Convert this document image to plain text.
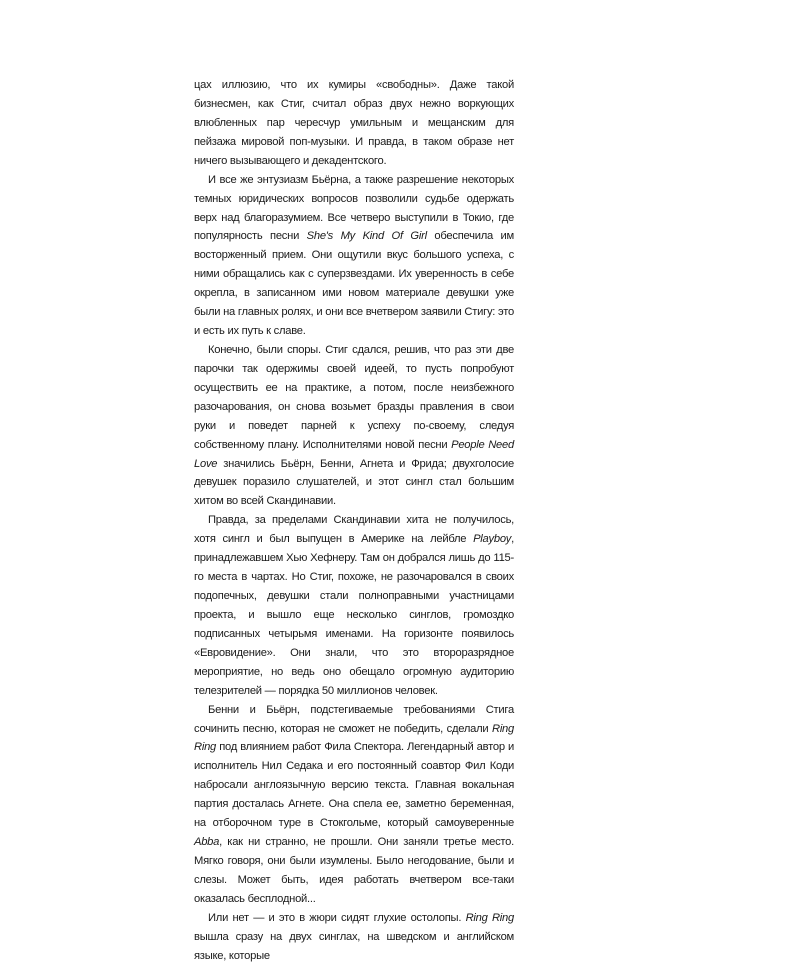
цах иллюзию, что их кумиры «свободны». Даже такой бизнесмен, как Стиг, считал образ двух нежно воркующих влюбленных пар чересчур умильным и мещанским для пейзажа мировой поп-музыки. И правда, в таком образе нет ничего вызывающего и декадентского.

И все же энтузиазм Бьёрна, а также разрешение некоторых темных юридических вопросов позволили судьбе одержать верх над благоразумием. Все четверо выступили в Токио, где популярность песни She's My Kind Of Girl обеспечила им восторженный прием. Они ощутили вкус большого успеха, с ними обращались как с суперзвездами. Их уверенность в себе окрепла, в записанном ими новом материале девушки уже были на главных ролях, и они все вчетвером заявили Стигу: это и есть их путь к славе.

Конечно, были споры. Стиг сдался, решив, что раз эти две парочки так одержимы своей идеей, то пусть попробуют осуществить ее на практике, а потом, после неизбежного разочарования, он снова возьмет бразды правления в свои руки и поведет парней к успеху по-своему, следуя собственному плану. Исполнителями новой песни People Need Love значились Бьёрн, Бенни, Агнета и Фрида; двухголосие девушек поразило слушателей, и этот сингл стал большим хитом во всей Скандинавии.

Правда, за пределами Скандинавии хита не получилось, хотя сингл и был выпущен в Америке на лейбле Playboy, принадлежавшем Хью Хефнеру. Там он добрался лишь до 115-го места в чартах. Но Стиг, похоже, не разочаровался в своих подопечных, девушки стали полноправными участницами проекта, и вышло еще несколько синглов, громоздко подписанных четырьмя именами. На горизонте появилось «Евровидение». Они знали, что это второразрядное мероприятие, но ведь оно обещало огромную аудиторию телезрителей — порядка 50 миллионов человек.

Бенни и Бьёрн, подстегиваемые требованиями Стига сочинить песню, которая не сможет не победить, сделали Ring Ring под влиянием работ Фила Спектора. Легендарный автор и исполнитель Нил Седака и его постоянный соавтор Фил Коди набросали англоязычную версию текста. Главная вокальная партия досталась Агнете. Она спела ее, заметно беременная, на отборочном туре в Стокгольме, который самоуверенные Abba, как ни странно, не прошли. Они заняли третье место. Мягко говоря, они были изумлены. Было негодование, были и слезы. Может быть, идея работать вчетвером все-таки оказалась бесплодной...

Или нет — и это в жюри сидят глухие остолопы. Ring Ring вышла сразу на двух синглах, на шведском и английском языке, которые
